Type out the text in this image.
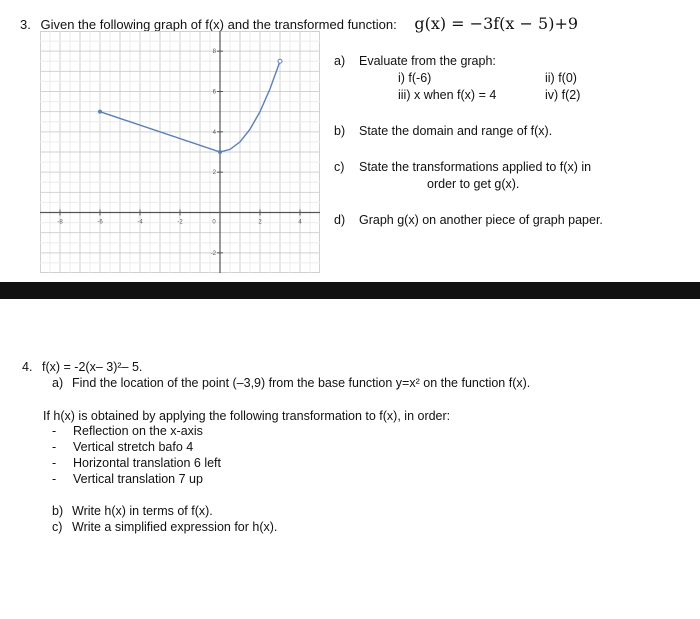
3. Given the following graph of f(x) and the transformed function: g(x) = −3f(x − 5)+9
-8	-6	-4	-2	0	2	4
8
6
4
2
-2
a) Evaluate from the graph:
i) f(-6)	ii) f(0)
iii) x when f(x) = 4	iv) f(2)
b) State the domain and range of f(x).
c) State the transformations applied to f(x) in
order to get g(x).
d) Graph g(x) on another piece of graph paper.
4. f(x) = -2(x– 3)²– 5.
a) Find the location of the point (–3,9) from the base function y=x² on the function f(x).
If h(x) is obtained by applying the following transformation to f(x), in order:
- Reflection on the x-axis
- Vertical stretch bafo 4
- Horizontal translation 6 left
- Vertical translation 7 up
b) Write h(x) in terms of f(x).
c) Write a simplified expression for h(x).
